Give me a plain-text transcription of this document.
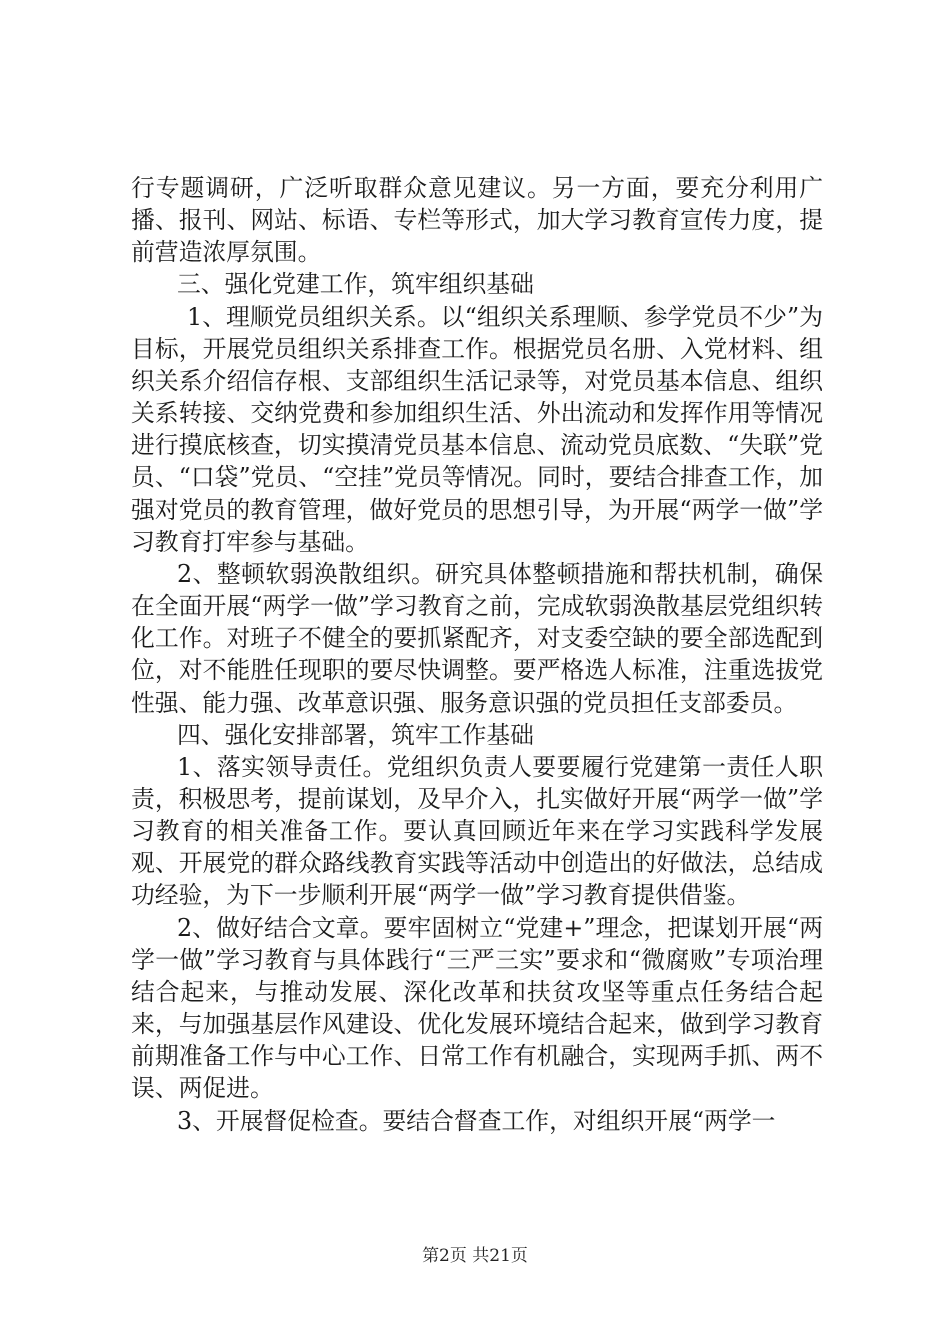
行专题调研，广泛听取群众意见建议。另一方面，要充分利用广播、报刊、网站、标语、专栏等形式，加大学习教育宣传力度，提前营造浓厚氛围。

三、强化党建工作，筑牢组织基础

1、理顺党员组织关系。以“组织关系理顺、参学党员不少”为目标，开展党员组织关系排查工作。根据党员名册、入党材料、组织关系介绍信存根、支部组织生活记录等，对党员基本信息、组织关系转接、交纳党费和参加组织生活、外出流动和发挥作用等情况进行摸底核查，切实摸清党员基本信息、流动党员底数、“失联”党员、“口袋”党员、“空挂”党员等情况。同时，要结合排查工作，加强对党员的教育管理，做好党员的思想引导，为开展“两学一做”学习教育打牢参与基础。

2、整顿软弱涣散组织。研究具体整顿措施和帮扶机制，确保在全面开展“两学一做”学习教育之前，完成软弱涣散基层党组织转化工作。对班子不健全的要抓紧配齐，对支委空缺的要全部选配到位，对不能胜任现职的要尽快调整。要严格选人标准，注重选拔党性强、能力强、改革意识强、服务意识强的党员担任支部委员。

四、强化安排部署，筑牢工作基础

1、落实领导责任。党组织负责人要要履行党建第一责任人职责，积极思考，提前谋划，及早介入，扎实做好开展“两学一做”学习教育的相关准备工作。要认真回顾近年来在学习实践科学发展观、开展党的群众路线教育实践等活动中创造出的好做法，总结成功经验，为下一步顺利开展“两学一做”学习教育提供借鉴。

2、做好结合文章。要牢固树立“党建+”理念，把谋划开展“两学一做”学习教育与具体践行“三严三实”要求和“微腐败”专项治理结合起来，与推动发展、深化改革和扶贫攻坚等重点任务结合起来，与加强基层作风建设、优化发展环境结合起来，做到学习教育前期准备工作与中心工作、日常工作有机融合，实现两手抓、两不误、两促进。

3、开展督促检查。要结合督查工作，对组织开展“两学一

第2页 共21页
